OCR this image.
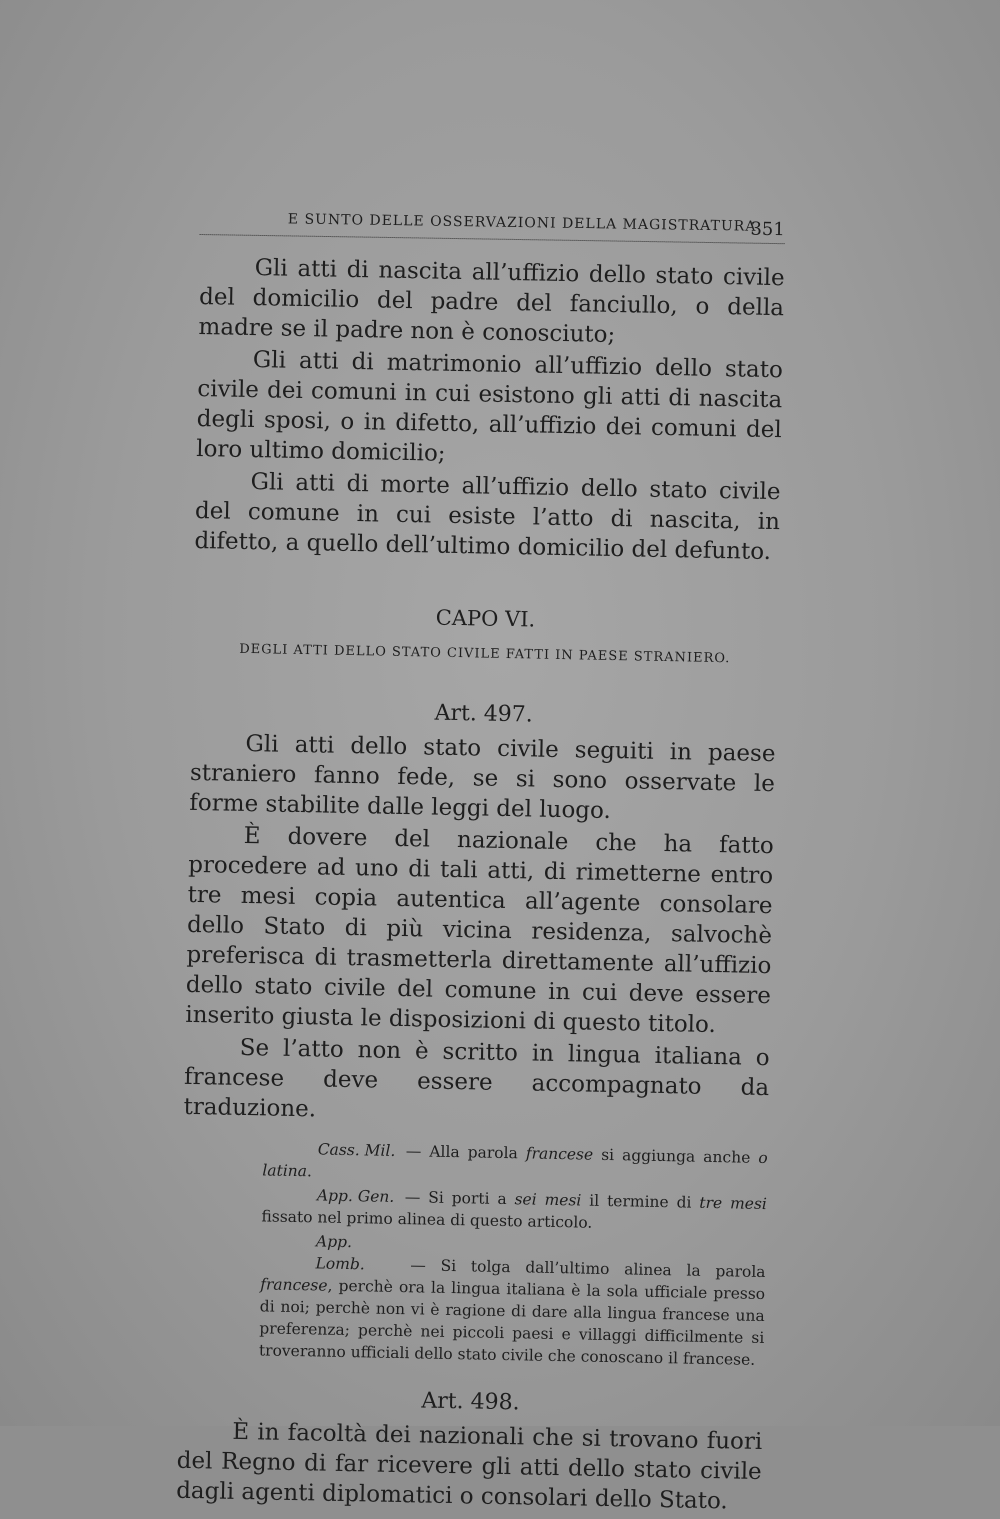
E SUNTO DELLE OSSERVAZIONI DELLA MAGISTRATURA
351

Gli atti di nascita all’uffizio dello stato civile del domicilio del padre del fanciullo, o della madre se il padre non è conosciuto;

Gli atti di matrimonio all’uffizio dello stato civile dei comuni in cui esistono gli atti di nascita degli sposi, o in difetto, all’uffizio dei comuni del loro ultimo domicilio;

Gli atti di morte all’uffizio dello stato civile del comune in cui esiste l’atto di nascita, in difetto, a quello dell’ultimo domicilio del defunto.

CAPO VI.
DEGLI ATTI DELLO STATO CIVILE FATTI IN PAESE STRANIERO.
Art. 497.

Gli atti dello stato civile seguiti in paese straniero fanno fede, se si sono osservate le forme stabilite dalle leggi del luogo.

È dovere del nazionale che ha fatto procedere ad uno di tali atti, di rimetterne entro tre mesi copia autentica all’agente consolare dello Stato di più vicina residenza, salvochè preferisca di trasmetterla direttamente all’uffizio dello stato civile del comune in cui deve essere inserito giusta le disposizioni di questo titolo.

Se l’atto non è scritto in lingua italiana o francese deve essere accompagnato da traduzione.

Cass. Mil. — Alla parola francese si aggiunga anche o latina.

App. Gen. — Si porti a sei mesi il termine di tre mesi fissato nel primo alinea di questo articolo.

App. Lomb. — Si tolga dall’ultimo alinea la parola francese, perchè ora la lingua italiana è la sola ufficiale presso di noi; perchè non vi è ragione di dare alla lingua francese una preferenza; perchè nei piccoli paesi e villaggi difficilmente si troveranno ufficiali dello stato civile che conoscano il francese.

Art. 498.

È in facoltà dei nazionali che si trovano fuori del Regno di far ricevere gli atti dello stato civile dagli agenti diplomatici o consolari dello Stato.
